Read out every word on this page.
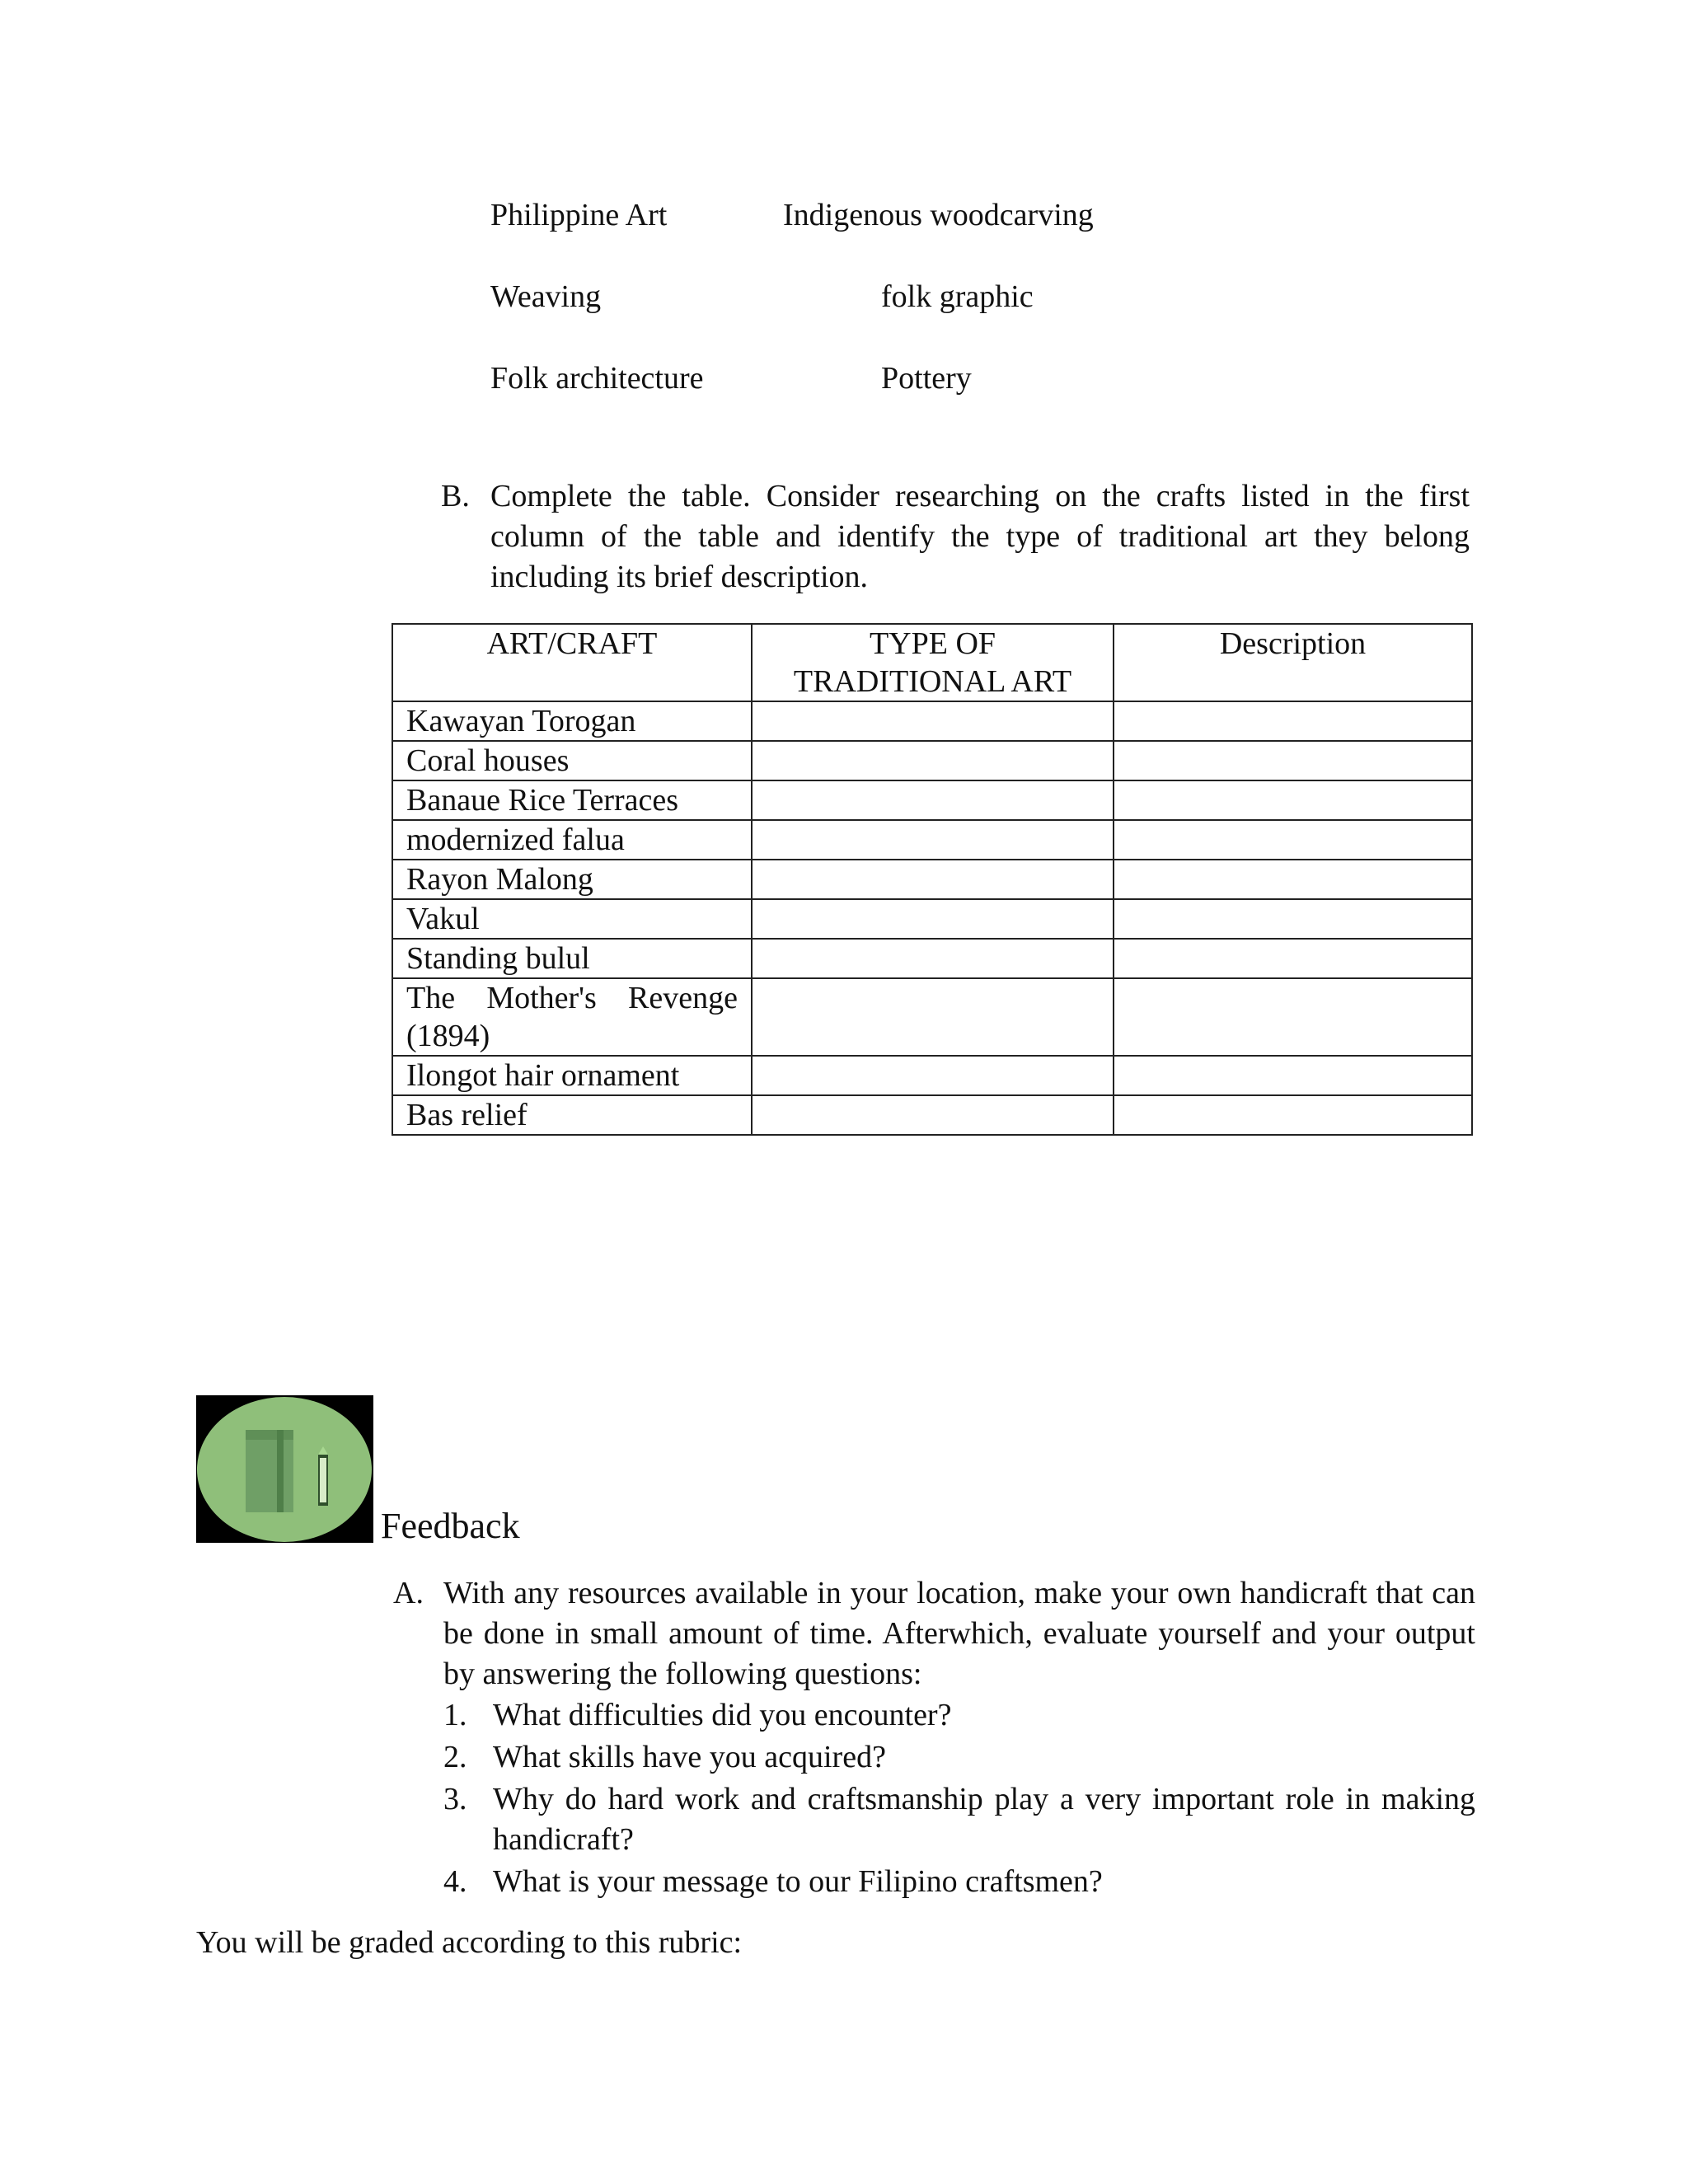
Philippine Art	Indigenous woodcarving
Weaving	folk graphic
Folk architecture	Pottery
B. Complete the table. Consider researching on the crafts listed in the first column of the table and identify the type of traditional art they belong including its brief description.
ART/CRAFT	TYPE OF TRADITIONAL ART	Description
Kawayan Torogan		
Coral houses		
Banaue Rice Terraces		
modernized falua		
Rayon Malong		
Vakul		
Standing bulul		
The Mother's Revenge (1894)		
Ilongot hair ornament		
Bas relief		
Feedback
A. With any resources available in your location, make your own handicraft that can be done in small amount of time. Afterwhich, evaluate yourself and your output by answering the following questions:
1. What difficulties did you encounter?
2. What skills have you acquired?
3. Why do hard work and craftsmanship play a very important role in making handicraft?
4. What is your message to our Filipino craftsmen?
You will be graded according to this rubric:
